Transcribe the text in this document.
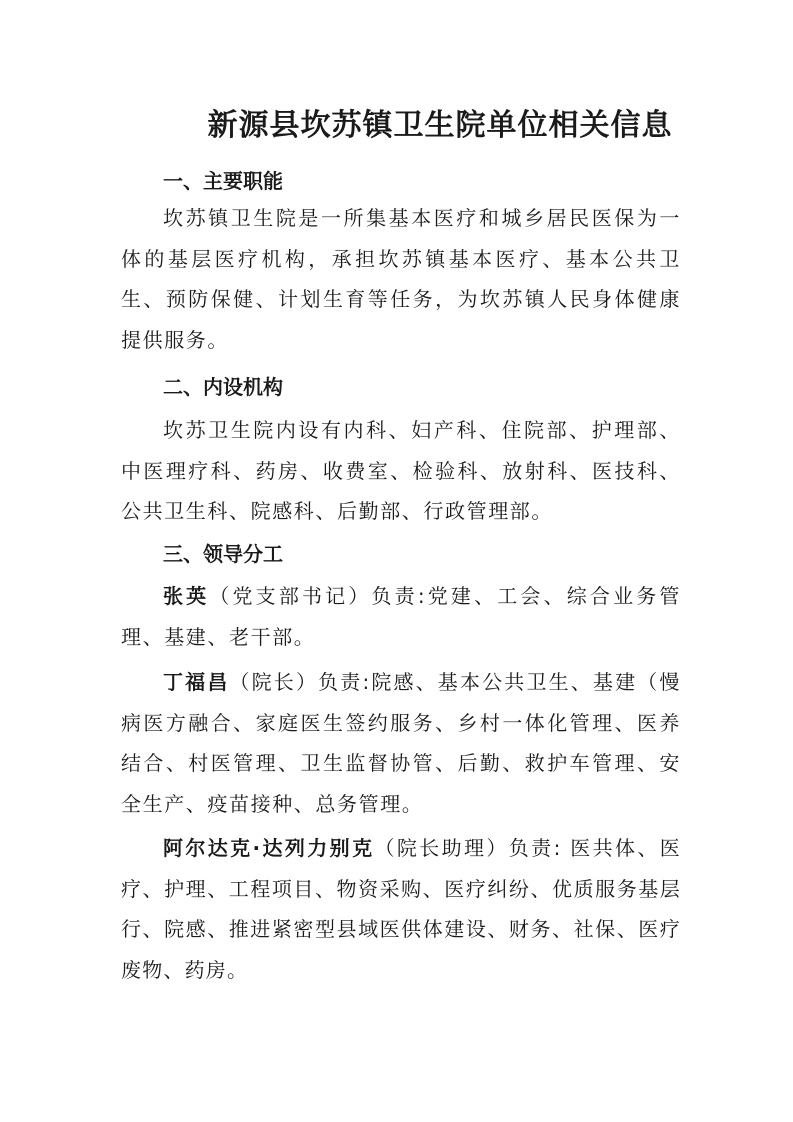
新源县坎苏镇卫生院单位相关信息
一、主要职能

坎苏镇卫生院是一所集基本医疗和城乡居民医保为一体的基层医疗机构，承担坎苏镇基本医疗、基本公共卫生、预防保健、计划生育等任务，为坎苏镇人民身体健康提供服务。

二、内设机构

坎苏卫生院内设有内科、妇产科、住院部、护理部、中医理疗科、药房、收费室、检验科、放射科、医技科、公共卫生科、院感科、后勤部、行政管理部。

三、领导分工

张英（党支部书记）负责:党建、工会、综合业务管理、基建、老干部。

丁福昌（院长）负责:院感、基本公共卫生、基建（慢病医方融合、家庭医生签约服务、乡村一体化管理、医养结合、村医管理、卫生监督协管、后勤、救护车管理、安全生产、疫苗接种、总务管理。

阿尔达克·达列力别克（院长助理）负责: 医共体、医疗、护理、工程项目、物资采购、医疗纠纷、优质服务基层行、院感、推进紧密型县域医供体建设、财务、社保、医疗废物、药房。
